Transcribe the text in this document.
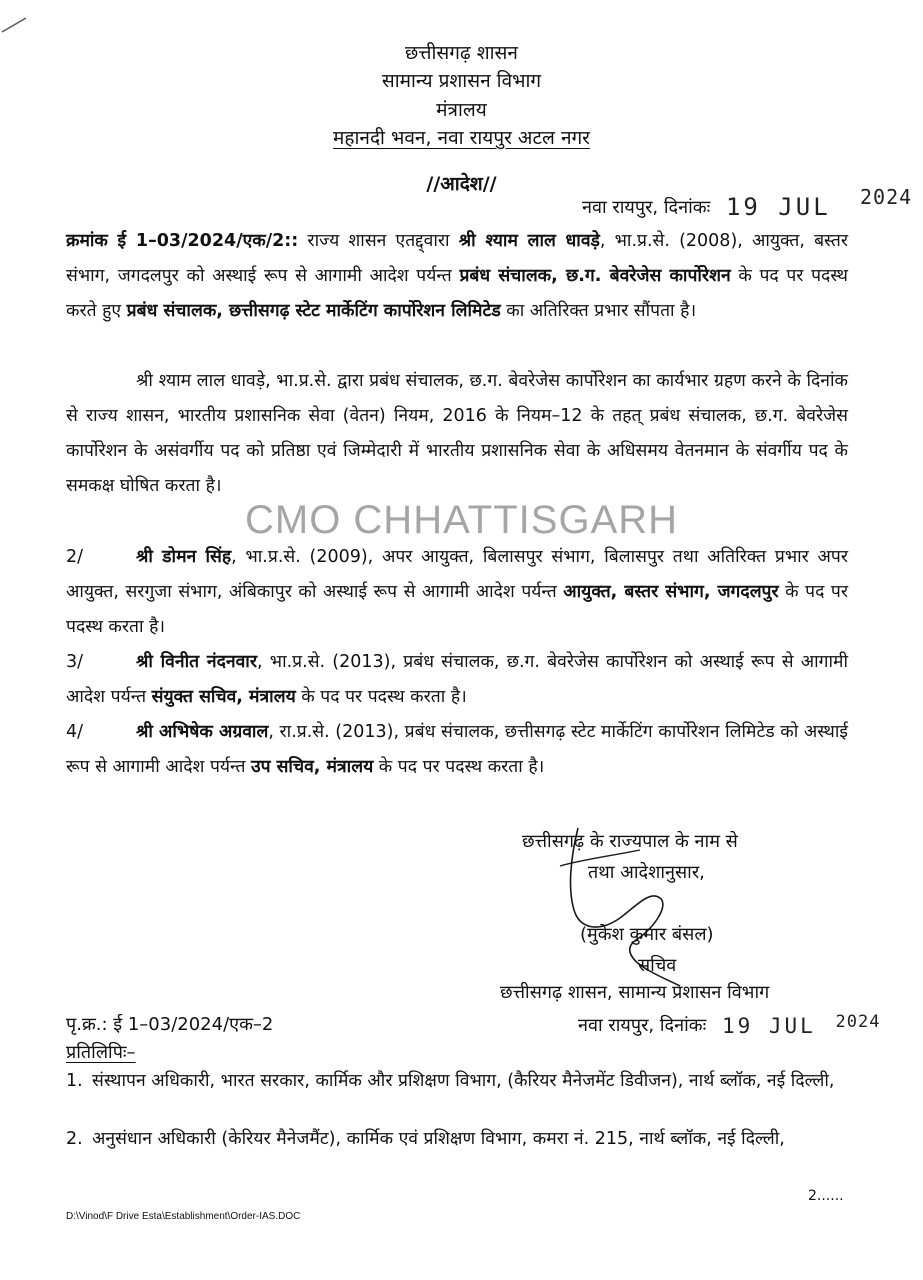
छत्तीसगढ़ शासन
सामान्य प्रशासन विभाग
मंत्रालय
महानदी भवन, नवा रायपुर अटल नगर
//आदेश//
नवा रायपुर, दिनांकः 19 JUL 2024
क्रमांक ई 1–03/2024/एक/2:: राज्य शासन एतद्द्वारा श्री श्याम लाल धावड़े, भा.प्र.से. (2008), आयुक्त, बस्तर संभाग, जगदलपुर को अस्थाई रूप से आगामी आदेश पर्यन्त प्रबंध संचालक, छ.ग. बेवरेजेस कार्पोरेशन के पद पर पदस्थ करते हुए प्रबंध संचालक, छत्तीसगढ़ स्टेट मार्केटिंग कार्पोरेशन लिमिटेड का अतिरिक्त प्रभार सौंपता है।
श्री श्याम लाल धावड़े, भा.प्र.से. द्वारा प्रबंध संचालक, छ.ग. बेवरेजेस कार्पोरेशन का कार्यभार ग्रहण करने के दिनांक से राज्य शासन, भारतीय प्रशासनिक सेवा (वेतन) नियम, 2016 के नियम–12 के तहत् प्रबंध संचालक, छ.ग. बेवरेजेस कार्पोरेशन के असंवर्गीय पद को प्रतिष्ठा एवं जिम्मेदारी में भारतीय प्रशासनिक सेवा के अधिसमय वेतनमान के संवर्गीय पद के समकक्ष घोषित करता है।
CMO CHHATTISGARH
2/	श्री डोमन सिंह, भा.प्र.से. (2009), अपर आयुक्त, बिलासपुर संभाग, बिलासपुर तथा अतिरिक्त प्रभार अपर आयुक्त, सरगुजा संभाग, अंबिकापुर को अस्थाई रूप से आगामी आदेश पर्यन्त आयुक्त, बस्तर संभाग, जगदलपुर के पद पर पदस्थ करता है।
3/	श्री विनीत नंदनवार, भा.प्र.से. (2013), प्रबंध संचालक, छ.ग. बेवरेजेस कार्पोरेशन को अस्थाई रूप से आगामी आदेश पर्यन्त संयुक्त सचिव, मंत्रालय के पद पर पदस्थ करता है।
4/	श्री अभिषेक अग्रवाल, रा.प्र.से. (2013), प्रबंध संचालक, छत्तीसगढ़ स्टेट मार्केटिंग कार्पोरेशन लिमिटेड को अस्थाई रूप से आगामी आदेश पर्यन्त उप सचिव, मंत्रालय के पद पर पदस्थ करता है।
छत्तीसगढ़ के राज्यपाल के नाम से
तथा आदेशानुसार,
(मुकेश कुमार बंसल)
सचिव
छत्तीसगढ़ शासन, सामान्य प्रशासन विभाग
नवा रायपुर, दिनांकः 19 JUL 2024
पृ.क्र.: ई 1–03/2024/एक–2
प्रतिलिपिः–
1. संस्थापन अधिकारी, भारत सरकार, कार्मिक और प्रशिक्षण विभाग, (कैरियर मैनेजमेंट डिवीजन), नार्थ ब्लॉक, नई दिल्ली,
2. अनुसंधान अधिकारी (केरियर मैनेजमैंट), कार्मिक एवं प्रशिक्षण विभाग, कमरा नं. 215, नार्थ ब्लॉक, नई दिल्ली,
2......
D:\Vinod\F Drive Esta\Establishment\Order-IAS.DOC
